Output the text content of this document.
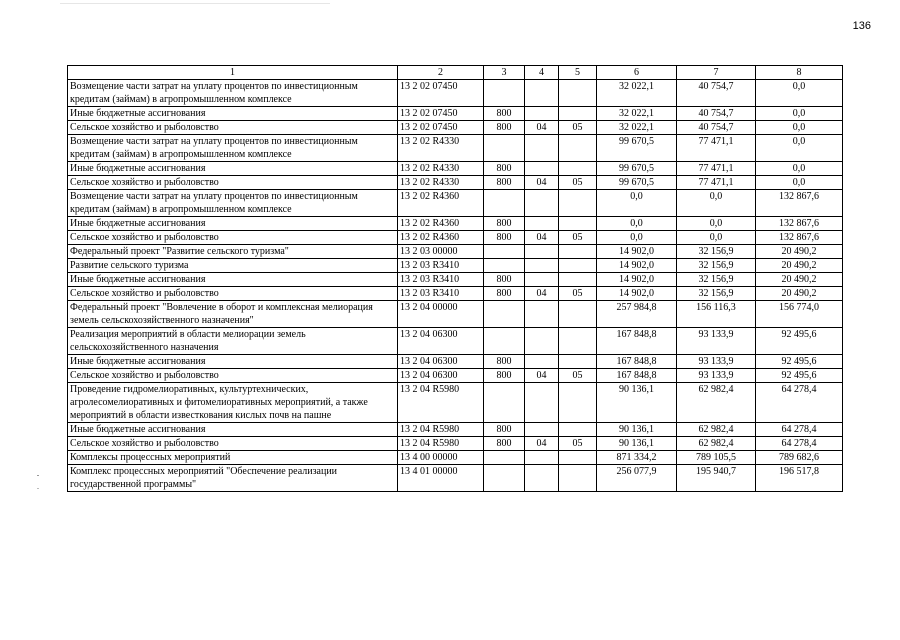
136
1	2	3	4	5	6	7	8
Возмещение части затрат на уплату процентов по инвестиционным кредитам (займам) в агропромышленном комплексе	13 2 02 07450				32 022,1	40 754,7	0,0
Иные бюджетные ассигнования	13 2 02 07450	800			32 022,1	40 754,7	0,0
Сельское хозяйство и рыболовство	13 2 02 07450	800	04	05	32 022,1	40 754,7	0,0
Возмещение части затрат на уплату процентов по инвестиционным кредитам (займам) в агропромышленном комплексе	13 2 02 R4330				99 670,5	77 471,1	0,0
Иные бюджетные ассигнования	13 2 02 R4330	800			99 670,5	77 471,1	0,0
Сельское хозяйство и рыболовство	13 2 02 R4330	800	04	05	99 670,5	77 471,1	0,0
Возмещение части затрат на уплату процентов по инвестиционным кредитам (займам) в агропромышленном комплексе	13 2 02 R4360				0,0	0,0	132 867,6
Иные бюджетные ассигнования	13 2 02 R4360	800			0,0	0,0	132 867,6
Сельское хозяйство и рыболовство	13 2 02 R4360	800	04	05	0,0	0,0	132 867,6
Федеральный проект "Развитие сельского туризма"	13 2 03 00000				14 902,0	32 156,9	20 490,2
Развитие сельского туризма	13 2 03 R3410				14 902,0	32 156,9	20 490,2
Иные бюджетные ассигнования	13 2 03 R3410	800			14 902,0	32 156,9	20 490,2
Сельское хозяйство и рыболовство	13 2 03 R3410	800	04	05	14 902,0	32 156,9	20 490,2
Федеральный проект "Вовлечение в оборот и комплексная мелиорация земель сельскохозяйственного назначения"	13 2 04 00000				257 984,8	156 116,3	156 774,0
Реализация мероприятий в области мелиорации земель сельскохозяйственного назначения	13 2 04 06300				167 848,8	93 133,9	92 495,6
Иные бюджетные ассигнования	13 2 04 06300	800			167 848,8	93 133,9	92 495,6
Сельское хозяйство и рыболовство	13 2 04 06300	800	04	05	167 848,8	93 133,9	92 495,6
Проведение гидромелиоративных, культуртехнических, агролесомелиоративных и фитомелиоративных мероприятий, а также мероприятий в области известкования кислых почв на пашне	13 2 04 R5980				90 136,1	62 982,4	64 278,4
Иные бюджетные ассигнования	13 2 04 R5980	800			90 136,1	62 982,4	64 278,4
Сельское хозяйство и рыболовство	13 2 04 R5980	800	04	05	90 136,1	62 982,4	64 278,4
Комплексы процессных мероприятий	13 4 00 00000				871 334,2	789 105,5	789 682,6
Комплекс процессных мероприятий "Обеспечение реализации государственной программы"	13 4 01 00000				256 077,9	195 940,7	196 517,8
